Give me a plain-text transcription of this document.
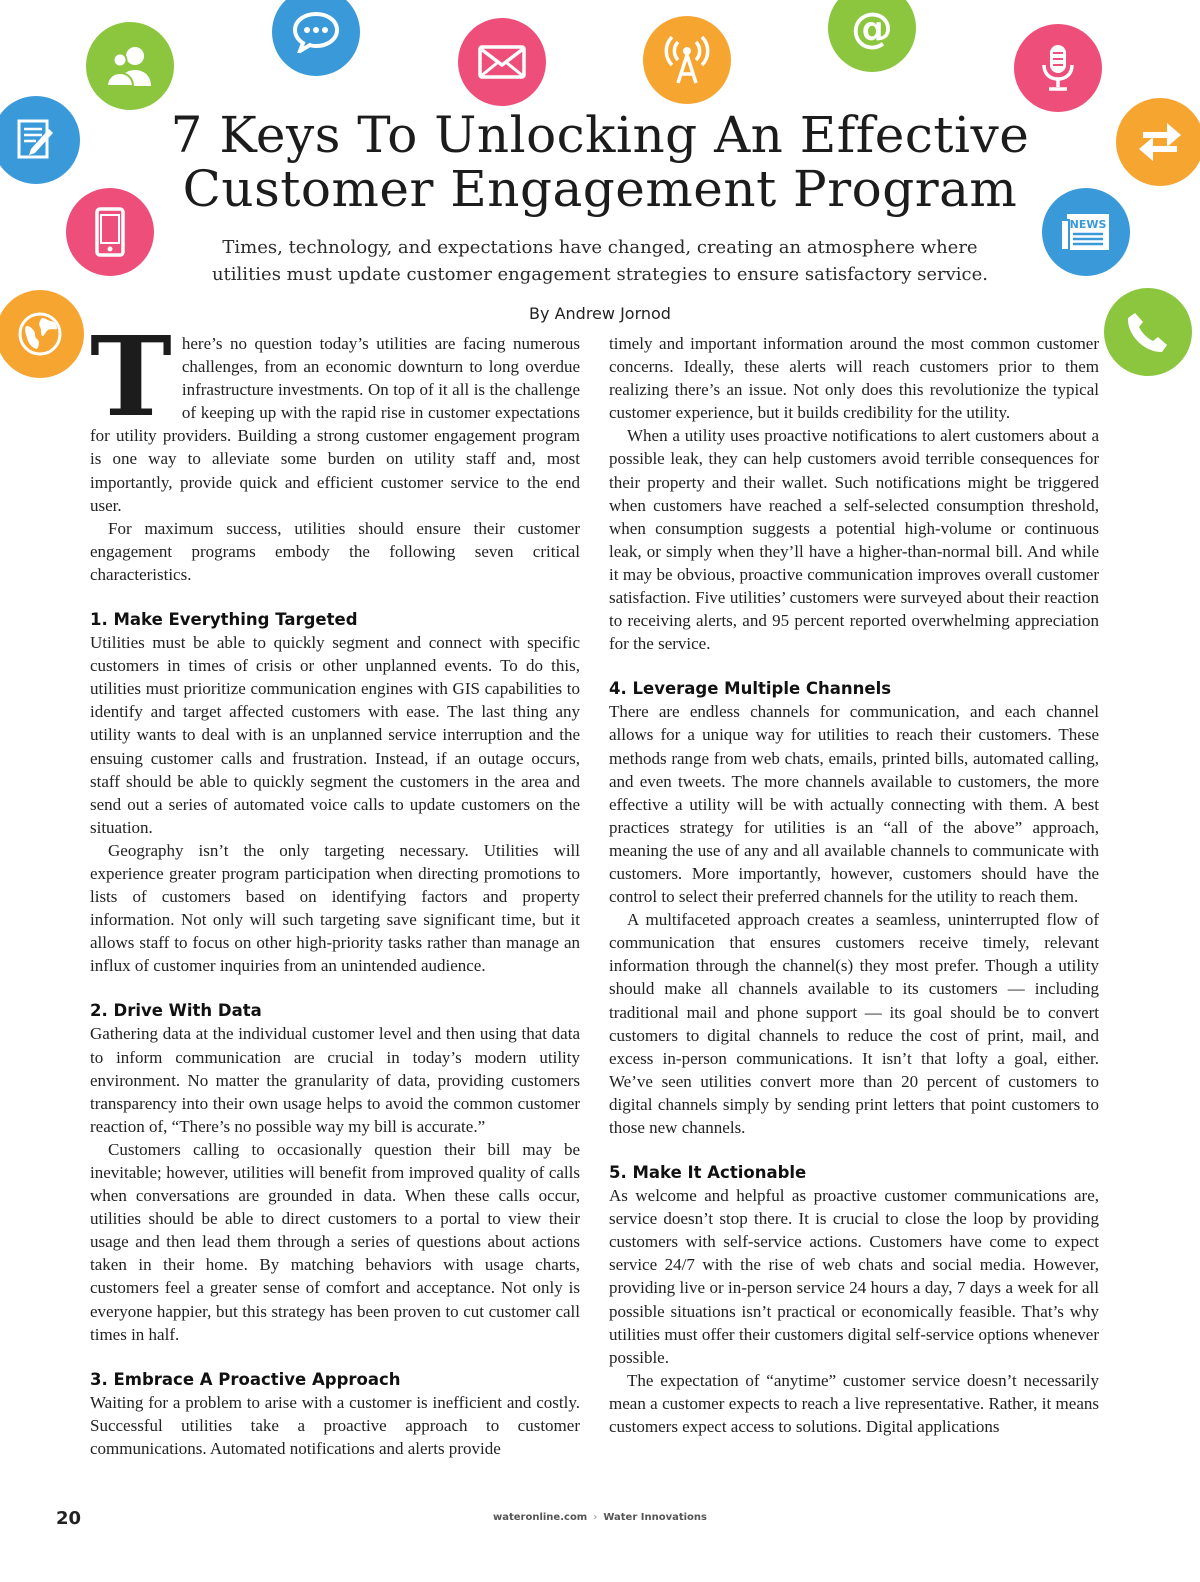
@
NEWS
7 Keys To Unlocking An Effective
Customer Engagement Program
Times, technology, and expectations have changed, creating an atmosphere where
utilities must update customer engagement strategies to ensure satisfactory service.
By Andrew Jornod

There’s no question today’s utilities are facing numerous challenges, from an economic downturn to long overdue infrastructure investments. On top of it all is the challenge of keeping up with the rapid rise in customer expectations for utility providers. Building a strong customer engagement program is one way to alleviate some burden on utility staff and, most importantly, provide quick and efficient customer service to the end user.

For maximum success, utilities should ensure their customer engagement programs embody the following seven critical characteristics.

1. Make Everything Targeted

Utilities must be able to quickly segment and connect with specific customers in times of crisis or other unplanned events. To do this, utilities must prioritize communication engines with GIS capabilities to identify and target affected customers with ease. The last thing any utility wants to deal with is an unplanned service interruption and the ensuing customer calls and frustration. Instead, if an outage occurs, staff should be able to quickly segment the customers in the area and send out a series of automated voice calls to update customers on the situation.

Geography isn’t the only targeting necessary. Utilities will experience greater program participation when directing promotions to lists of customers based on identifying factors and property information. Not only will such targeting save significant time, but it allows staff to focus on other high-priority tasks rather than manage an influx of customer inquiries from an unintended audience.

2. Drive With Data

Gathering data at the individual customer level and then using that data to inform communication are crucial in today’s modern utility environment. No matter the granularity of data, providing customers transparency into their own usage helps to avoid the common customer reaction of, “There’s no possible way my bill is accurate.”

Customers calling to occasionally question their bill may be inevitable; however, utilities will benefit from improved quality of calls when conversations are grounded in data. When these calls occur, utilities should be able to direct customers to a portal to view their usage and then lead them through a series of questions about actions taken in their home. By matching behaviors with usage charts, customers feel a greater sense of comfort and acceptance. Not only is everyone happier, but this strategy has been proven to cut customer call times in half.

3. Embrace A Proactive Approach

Waiting for a problem to arise with a customer is inefficient and costly. Successful utilities take a proactive approach to customer communications. Automated notifications and alerts provide

timely and important information around the most common customer concerns. Ideally, these alerts will reach customers prior to them realizing there’s an issue. Not only does this revolutionize the typical customer experience, but it builds credibility for the utility.

When a utility uses proactive notifications to alert customers about a possible leak, they can help customers avoid terrible consequences for their property and their wallet. Such notifications might be triggered when customers have reached a self-selected consumption threshold, when consumption suggests a potential high-volume or continuous leak, or simply when they’ll have a higher-than-normal bill. And while it may be obvious, proactive communication improves overall customer satisfaction. Five utilities’ customers were surveyed about their reaction to receiving alerts, and 95 percent reported overwhelming appreciation for the service.

4. Leverage Multiple Channels

There are endless channels for communication, and each channel allows for a unique way for utilities to reach their customers. These methods range from web chats, emails, printed bills, automated calling, and even tweets. The more channels available to customers, the more effective a utility will be with actually connecting with them. A best practices strategy for utilities is an “all of the above” approach, meaning the use of any and all available channels to communicate with customers. More importantly, however, customers should have the control to select their preferred channels for the utility to reach them.

A multifaceted approach creates a seamless, uninterrupted flow of communication that ensures customers receive timely, relevant information through the channel(s) they most prefer. Though a utility should make all channels available to its customers — including traditional mail and phone support — its goal should be to convert customers to digital channels to reduce the cost of print, mail, and excess in-person communications. It isn’t that lofty a goal, either. We’ve seen utilities convert more than 20 percent of customers to digital channels simply by sending print letters that point customers to those new channels.

5. Make It Actionable

As welcome and helpful as proactive customer communications are, service doesn’t stop there. It is crucial to close the loop by providing customers with self-service actions. Customers have come to expect service 24/7 with the rise of web chats and social media. However, providing live or in-person service 24 hours a day, 7 days a week for all possible situations isn’t practical or economically feasible. That’s why utilities must offer their customers digital self-service options whenever possible.

The expectation of “anytime” customer service doesn’t necessarily mean a customer expects to reach a live representative. Rather, it means customers expect access to solutions. Digital applications

20	wateronline.com › Water Innovations
